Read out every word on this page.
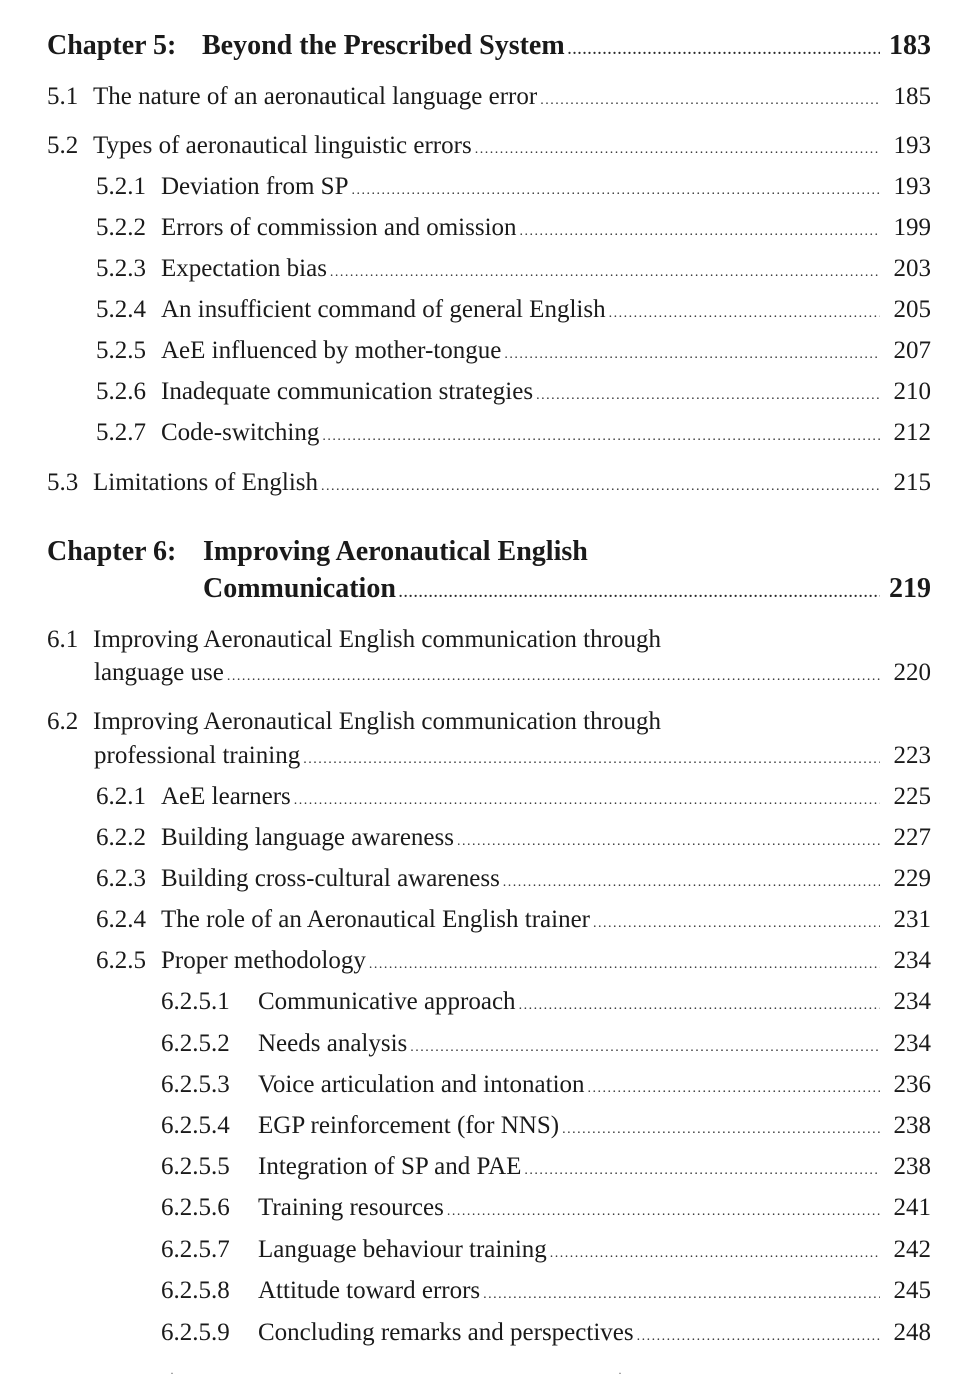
Chapter 5: Beyond the Prescribed System . . .	183
5.1 The nature of an aeronautical language error . . .	185
5.2 Types of aeronautical linguistic errors . . .	193
5.2.1 Deviation from SP . . .	193
5.2.2 Errors of commission and omission . . .	199
5.2.3 Expectation bias . . .	203
5.2.4 An insufficient command of general English . . .	205
5.2.5 AeE influenced by mother-tongue . . .	207
5.2.6 Inadequate communication strategies . . .	210
5.2.7 Code-switching . . .	212
5.3 Limitations of English . . .	215
Chapter 6: Improving Aeronautical English
Communication . . .	219
6.1 Improving Aeronautical English communication through
language use . . .	220
6.2 Improving Aeronautical English communication through
professional training . . .	223
6.2.1 AeE learners . . .	225
6.2.2 Building language awareness . . .	227
6.2.3 Building cross-cultural awareness . . .	229
6.2.4 The role of an Aeronautical English trainer . . .	231
6.2.5 Proper methodology . . .	234
6.2.5.1	Communicative approach . . .	234
6.2.5.2	Needs analysis . . .	234
6.2.5.3	Voice articulation and intonation . . .	236
6.2.5.4	EGP reinforcement (for NNS) . . .	238
6.2.5.5	Integration of SP and PAE . . .	238
6.2.5.6	Training resources . . .	241
6.2.5.7	Language behaviour training . . .	242
6.2.5.8	Attitude toward errors . . .	245
6.2.5.9	Concluding remarks and perspectives . . .	248
·	·
